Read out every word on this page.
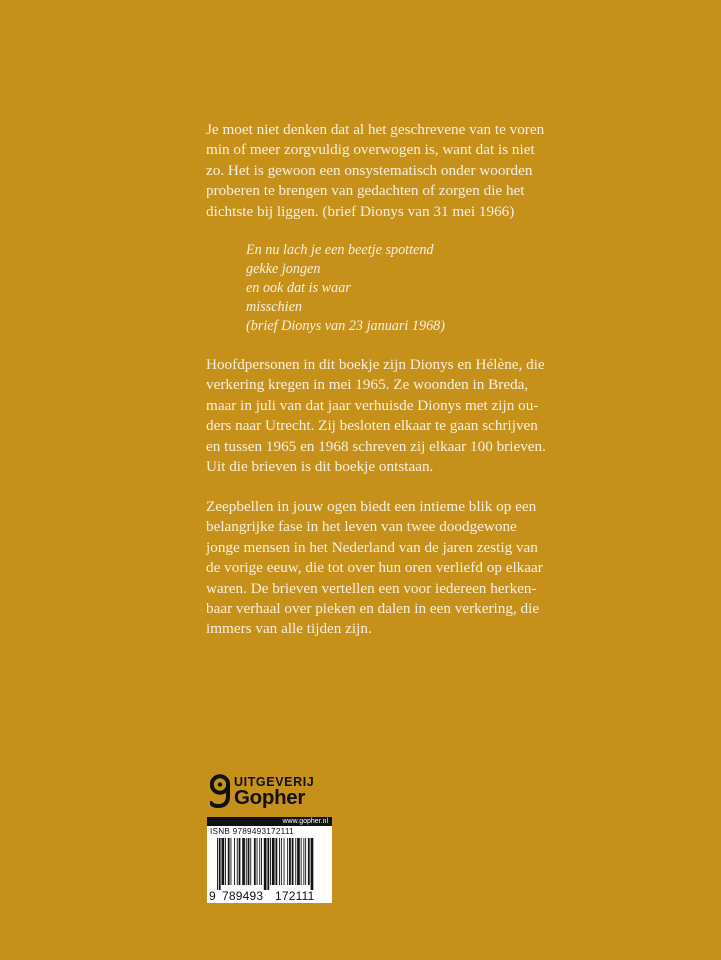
Je moet niet denken dat al het geschrevene van te voren
min of meer zorgvuldig overwogen is, want dat is niet
zo. Het is gewoon een onsystematisch onder woorden
proberen te brengen van gedachten of zorgen die het
dichtste bij liggen. (brief Dionys van 31 mei 1966)

En nu lach je een beetje spottend
gekke jongen
en ook dat is waar
misschien
(brief Dionys van 23 januari 1968)

Hoofdpersonen in dit boekje zijn Dionys en Hélène, die
verkering kregen in mei 1965. Ze woonden in Breda,
maar in juli van dat jaar verhuisde Dionys met zijn ou-
ders naar Utrecht. Zij besloten elkaar te gaan schrijven
en tussen 1965 en 1968 schreven zij elkaar 100 brieven.
Uit die brieven is dit boekje ontstaan.

Zeepbellen in jouw ogen biedt een intieme blik op een
belangrijke fase in het leven van twee doodgewone
jonge mensen in het Nederland van de jaren zestig van
de vorige eeuw, die tot over hun oren verliefd op elkaar
waren. De brieven vertellen een voor iedereen herken-
baar verhaal over pieken en dalen in een verkering, die
immers van alle tijden zijn.

UITGEVERIJ
Gopher
www.gopher.nl
ISNB 9789493172111
9 789493 172111
